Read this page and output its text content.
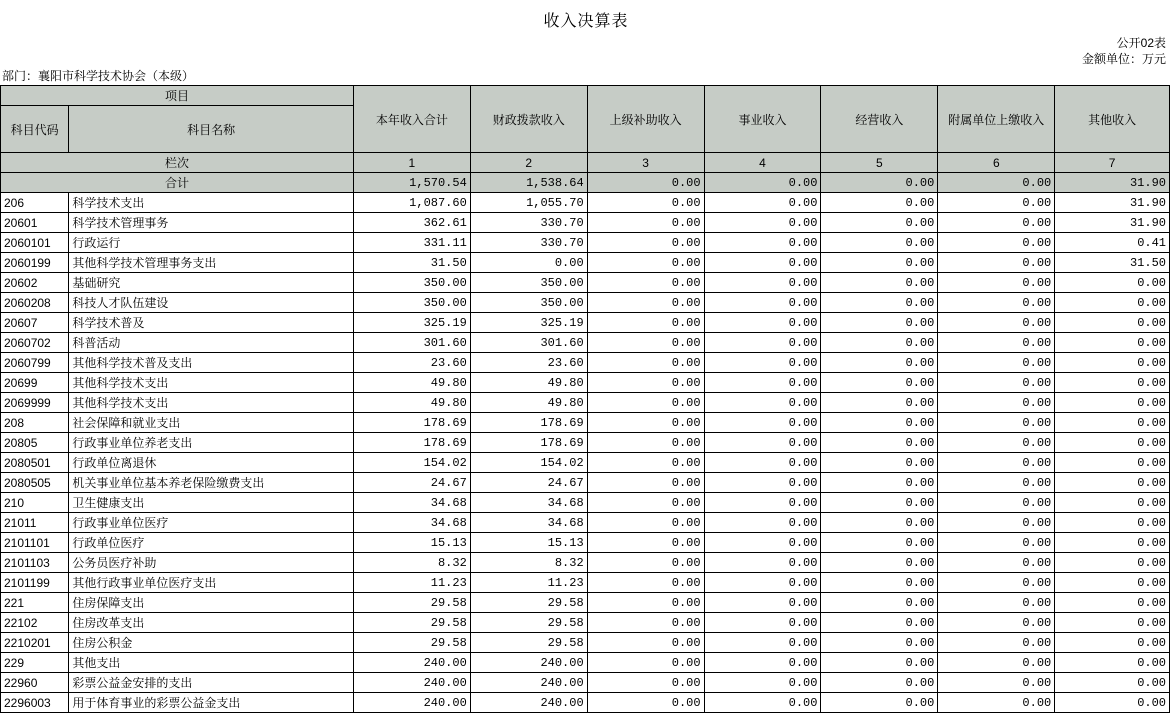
收入决算表
公开02表
金额单位：万元
部门：襄阳市科学技术协会（本级）
项目		本年收入合计	财政拨款收入	上级补助收入	事业收入	经营收入	附属单位上缴收入	其他收入
科目代码	科目名称							
栏次		1	2	3	4	5	6	7
合计		1,570.54	1,538.64	0.00	0.00	0.00	0.00	31.90
206	科学技术支出	1,087.60	1,055.70	0.00	0.00	0.00	0.00	31.90
20601	科学技术管理事务	362.61	330.70	0.00	0.00	0.00	0.00	31.90
2060101	行政运行	331.11	330.70	0.00	0.00	0.00	0.00	0.41
2060199	其他科学技术管理事务支出	31.50	0.00	0.00	0.00	0.00	0.00	31.50
20602	基础研究	350.00	350.00	0.00	0.00	0.00	0.00	0.00
2060208	科技人才队伍建设	350.00	350.00	0.00	0.00	0.00	0.00	0.00
20607	科学技术普及	325.19	325.19	0.00	0.00	0.00	0.00	0.00
2060702	科普活动	301.60	301.60	0.00	0.00	0.00	0.00	0.00
2060799	其他科学技术普及支出	23.60	23.60	0.00	0.00	0.00	0.00	0.00
20699	其他科学技术支出	49.80	49.80	0.00	0.00	0.00	0.00	0.00
2069999	其他科学技术支出	49.80	49.80	0.00	0.00	0.00	0.00	0.00
208	社会保障和就业支出	178.69	178.69	0.00	0.00	0.00	0.00	0.00
20805	行政事业单位养老支出	178.69	178.69	0.00	0.00	0.00	0.00	0.00
2080501	行政单位离退休	154.02	154.02	0.00	0.00	0.00	0.00	0.00
2080505	机关事业单位基本养老保险缴费支出	24.67	24.67	0.00	0.00	0.00	0.00	0.00
210	卫生健康支出	34.68	34.68	0.00	0.00	0.00	0.00	0.00
21011	行政事业单位医疗	34.68	34.68	0.00	0.00	0.00	0.00	0.00
2101101	行政单位医疗	15.13	15.13	0.00	0.00	0.00	0.00	0.00
2101103	公务员医疗补助	8.32	8.32	0.00	0.00	0.00	0.00	0.00
2101199	其他行政事业单位医疗支出	11.23	11.23	0.00	0.00	0.00	0.00	0.00
221	住房保障支出	29.58	29.58	0.00	0.00	0.00	0.00	0.00
22102	住房改革支出	29.58	29.58	0.00	0.00	0.00	0.00	0.00
2210201	住房公积金	29.58	29.58	0.00	0.00	0.00	0.00	0.00
229	其他支出	240.00	240.00	0.00	0.00	0.00	0.00	0.00
22960	彩票公益金安排的支出	240.00	240.00	0.00	0.00	0.00	0.00	0.00
2296003	用于体育事业的彩票公益金支出	240.00	240.00	0.00	0.00	0.00	0.00	0.00
